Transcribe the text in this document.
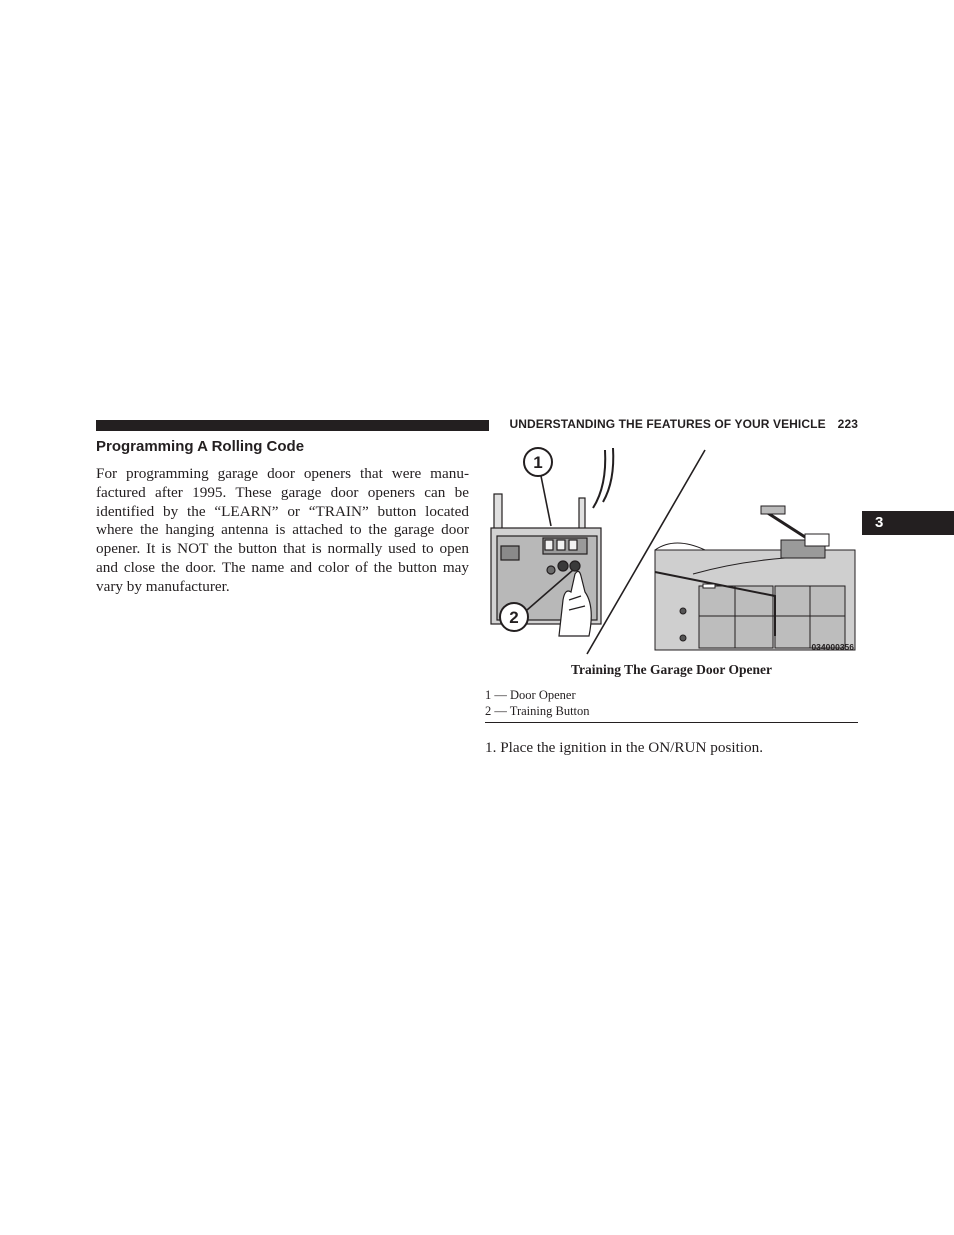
UNDERSTANDING THE FEATURES OF YOUR VEHICLE 223
3
Programming A Rolling Code

For programming garage door openers that were manufactured after 1995. These garage door openers can be identified by the “LEARN” or “TRAIN” button located where the hanging antenna is attached to the garage door opener. It is NOT the button that is normally used to open and close the door. The name and color of the button may vary by manufacturer.

1
2
034000356
Training The Garage Door Opener
1 — Door Opener
2 — Training Button
1. Place the ignition in the ON/RUN position.
